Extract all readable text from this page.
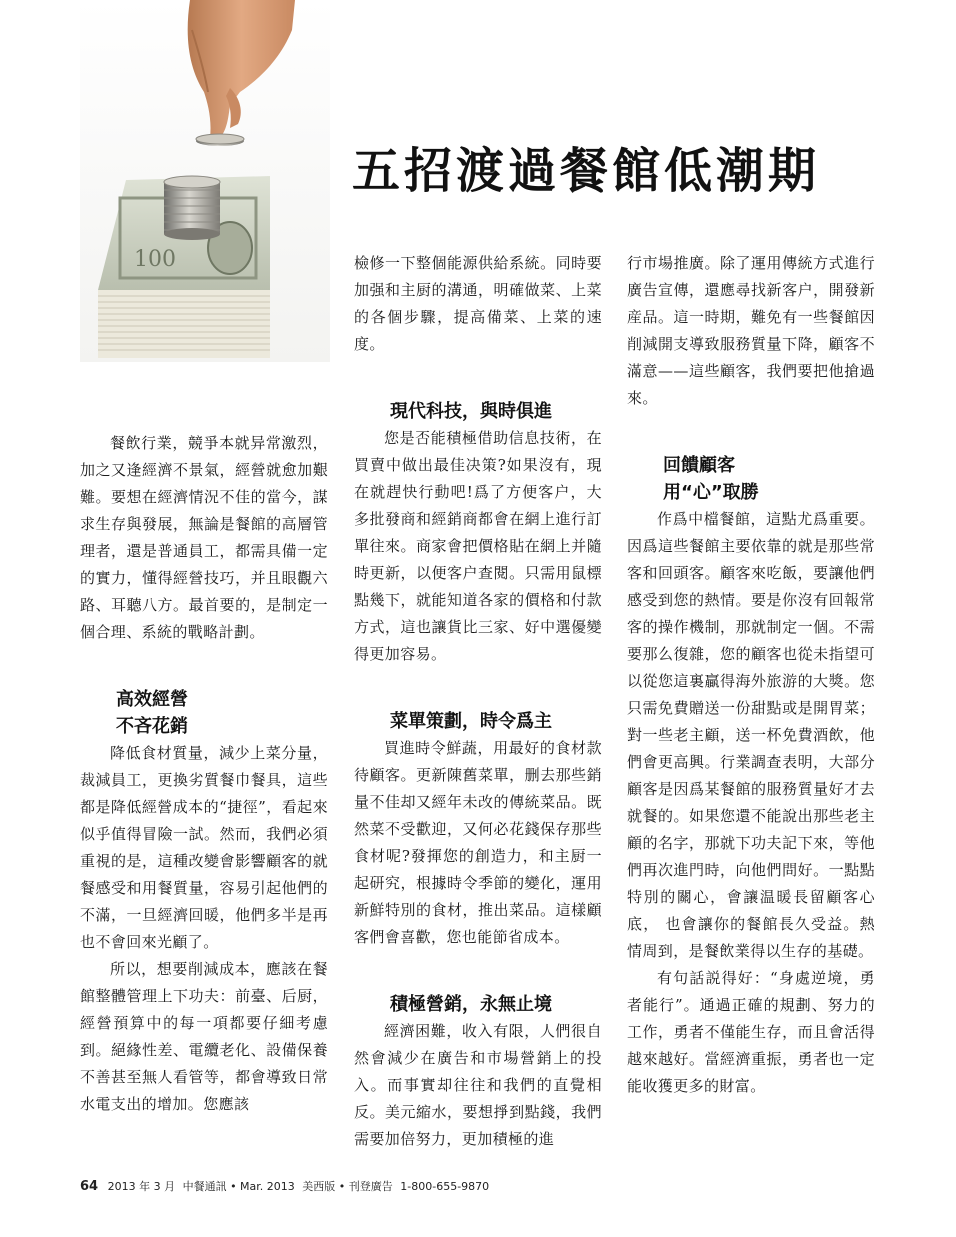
100
五招渡過餐館低潮期

餐飲行業，競爭本就异常激烈，加之又逢經濟不景氣，經營就愈加艱難。要想在經濟情況不佳的當今，謀求生存與發展，無論是餐館的高層管理者，還是普通員工，都需具備一定的實力，懂得經營技巧，并且眼觀六路、耳聽八方。最首要的，是制定一個合理、系統的戰略計劃。

高效經營
不吝花銷

降低食材質量，減少上菜分量，裁減員工，更換劣質餐巾餐具，這些都是降低經營成本的“捷徑”，看起來似乎值得冒險一試。然而，我們必須重視的是，這種改變會影響顧客的就餐感受和用餐質量，容易引起他們的不滿，一旦經濟回暖，他們多半是再也不會回來光顧了。

所以，想要削減成本，應該在餐館整體管理上下功夫：前臺、后厨，經營預算中的每一項都要仔細考慮到。絕緣性差、電纜老化、設備保養不善甚至無人看管等，都會導致日常水電支出的增加。您應該

檢修一下整個能源供給系統。同時要加强和主厨的溝通，明確做菜、上菜的各個步驟，提高備菜、上菜的速度。

現代科技，與時俱進

您是否能積極借助信息技術，在買賣中做出最佳决策?如果沒有，現在就趕快行動吧!爲了方便客户，大多批發商和經銷商都會在網上進行訂單往來。商家會把價格貼在網上并隨時更新，以便客户查閱。只需用鼠標點幾下，就能知道各家的價格和付款方式，這也讓貨比三家、好中選優變得更加容易。

菜單策劃，時令爲主

買進時令鮮蔬，用最好的食材款待顧客。更新陳舊菜單，删去那些銷量不佳却又經年未改的傳統菜品。既然菜不受歡迎，又何必花錢保存那些食材呢?發揮您的創造力，和主厨一起研究，根據時令季節的變化，運用新鮮特別的食材，推出菜品。這樣顧客們會喜歡，您也能節省成本。

積極營銷，永無止境

經濟困難，收入有限，人們很自然會減少在廣告和市場營銷上的投入。而事實却往往和我們的直覺相反。美元縮水，要想掙到點錢，我們需要加倍努力，更加積極的進

行市場推廣。除了運用傳統方式進行廣告宣傳，還應尋找新客户，開發新産品。這一時期，難免有一些餐館因削減開支導致服務質量下降，顧客不滿意——這些顧客，我們要把他搶過來。

回饋顧客
用“心”取勝

作爲中檔餐館，這點尤爲重要。因爲這些餐館主要依靠的就是那些常客和回頭客。顧客來吃飯，要讓他們感受到您的熱情。要是你沒有回報常客的操作機制，那就制定一個。不需要那么復雜，您的顧客也從未指望可以從您這裏贏得海外旅游的大獎。您只需免費贈送一份甜點或是開胃菜；對一些老主顧，送一杯免費酒飲，他們會更高興。行業調查表明，大部分顧客是因爲某餐館的服務質量好才去就餐的。如果您還不能說出那些老主顧的名字，那就下功夫記下來，等他們再次進門時，向他們問好。一點點特別的關心，會讓温暖長留顧客心底， 也會讓你的餐館長久受益。熱情周到，是餐飲業得以生存的基礎。

有句話説得好：“身處逆境，勇者能行”。通過正確的規劃、努力的工作，勇者不僅能生存，而且會活得越來越好。當經濟重振，勇者也一定能收獲更多的財富。

64 2013 年 3 月 中餐通訊 • Mar. 2013 美西版 • 刊登廣告 1-800-655-9870
